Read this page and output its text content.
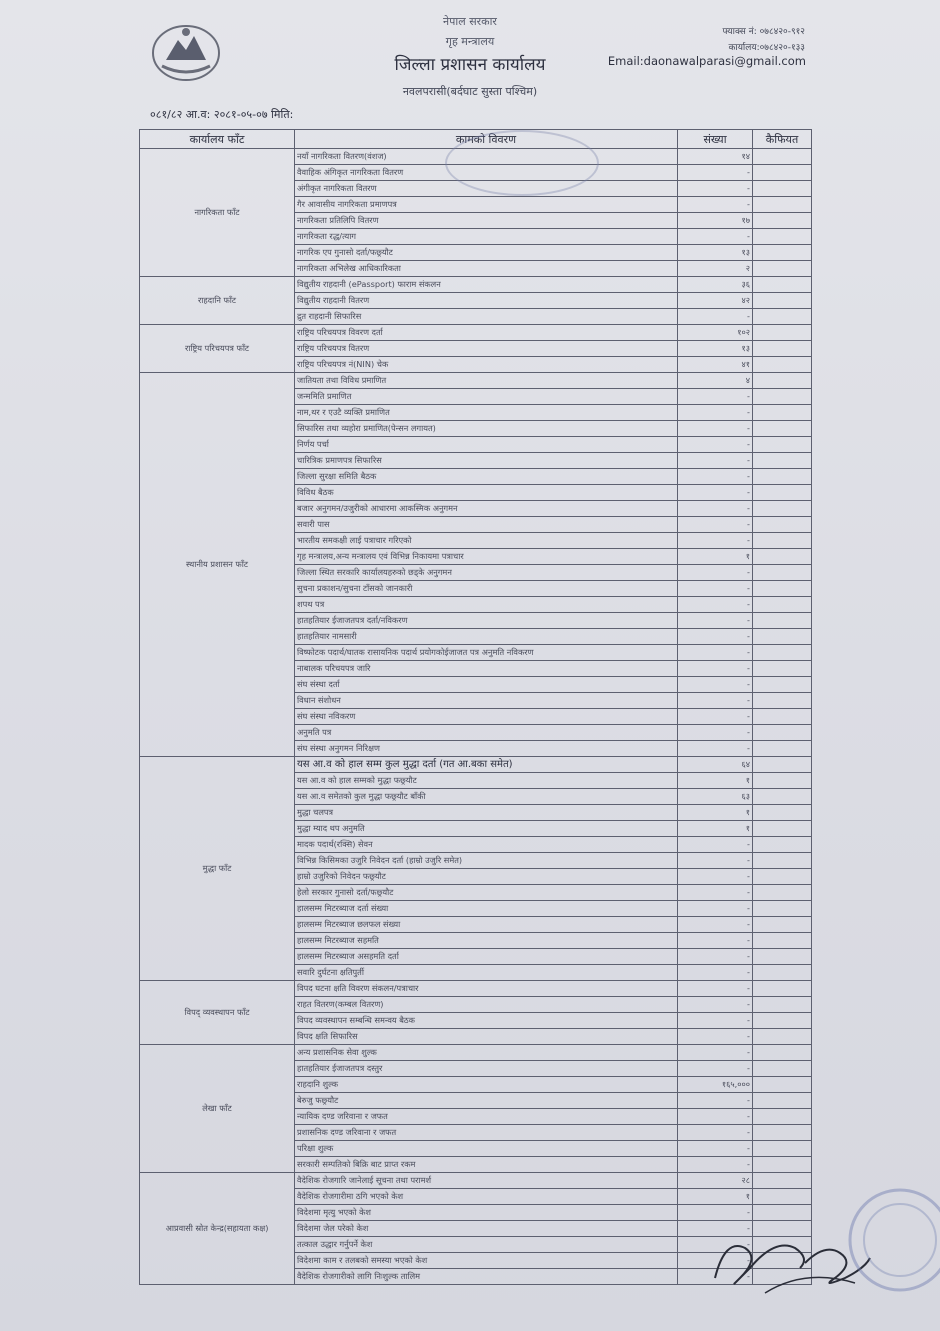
नेपाल सरकार
गृह मन्त्रालय
जिल्ला प्रशासन कार्यालय
नवलपरासी(बर्दघाट सुस्ता पश्चिम)
फ्याक्स नं: ०७८४२०-९१२
कार्यालय:०७८४२०-१३३
Email:daonawalparasi@gmail.com
०८१/८२ आ.व: २०८१-०५-०७ मिति:
कार्यालय फाँट	कामको विवरण	संख्या	कैफियत
नागरिकता फाँट	नयाँ नागरिकता वितरण(वंशज)	१४	
	वैवाहिक अंगिकृत नागरिकता वितरण	-	
	अंगीकृत नागरिकता वितरण	-	
	गैर आवासीय नागरिकता प्रमाणपत्र	-	
	नागरिकता प्रतिलिपि वितरण	१७	
	नागरिकता रद्ध/त्याग	-	
	नागरिक एप गुनासो दर्ता/फछ्र्यौट	१३	
	नागरिकता अभिलेख आधिकारिकता	२	
राहदानि फाँट	विद्युतीय राहदानी (ePassport) फाराम संकलन	३६	
	विद्युतीय राहदानी वितरण	४२	
	द्रुत राहदानी सिफारिस	-	
राष्ट्रिय परिचयपत्र फाँट	राष्ट्रिय परिचयपत्र विवरण दर्ता	१०२	
	राष्ट्रिय परिचयपत्र वितरण	१३	
	राष्ट्रिय परिचयपत्र नं(NIN) चेक	४१	
स्थानीय प्रशासन फाँट	जातियता तथा विविध प्रमाणित	४	
	जन्ममिति प्रमाणित	-	
	नाम,थर र एउटै व्यक्ति प्रमाणित	-	
	सिफारिस तथा व्यहोरा प्रमाणित(पेन्सन लगायत)	-	
	निर्णय पर्चा	-	
	चारित्रिक प्रमाणपत्र सिफारिस	-	
	जिल्ला सुरक्षा समिति बैठक	-	
	विविध बैठक	-	
	बजार अनुगमन/उजुरीको आधारमा आकस्मिक अनुगमन	-	
	सवारी पास	-	
	भारतीय समकक्षी लाई पत्राचार गरिएको	-	
	गृह मन्त्रालय,अन्य मन्त्रालय एवं विभिन्न निकायमा पत्राचार	१	
	जिल्ला स्थित सरकारि कार्यालयहरुको छड्के अनुगमन	-	
	सुचना प्रकाशन/सुचना टाँसको जानकारी	-	
	शपथ पत्र	-	
	हातहतियार ईजाजतपत्र दर्ता/नविकरण	-	
	हातहतियार नामसारी	-	
	विष्फोटक पदार्थ/घातक रासायनिक पदार्थ प्रयोगकोईजाजत पत्र अनुमति नविकरण	-	
	नाबालक परिचयपत्र जारि	-	
	संघ संस्था दर्ता	-	
	विधान संशोधन	-	
	संघ संस्था नविकरण	-	
	अनुमति पत्र	-	
	संघ संस्था अनुगमन निरिक्षण	-	
मुद्धा फाँट	यस आ.व को हाल सम्म कुल मुद्धा दर्ता (गत आ.बका समेत)	६४	
	यस आ.व को हाल सम्मको मुद्धा फछ्र्यौट	१	
	यस आ.व समेतको कुल मुद्धा फछ्र्यौट बाँकी	६३	
	मुद्धा चलपत्र	१	
	मुद्धा म्याद थप अनुमति	१	
	मादक पदार्थ(रक्सि) सेवन	-	
	विभिन्न किसिमका उजुरि निवेदन दर्ता (हाम्रो उजुरि समेत)	-	
	हाम्रो उजुरिको निवेदन फछ्र्यौट	-	
	हेलो सरकार गुनासो दर्ता/फछ्र्यौट	-	
	हालसम्म मिटरब्याज दर्ता संख्या	-	
	हालसम्म मिटरब्याज छलफल संख्या	-	
	हालसम्म मिटरब्याज सहमति	-	
	हालसम्म मिटरब्याज असहमति दर्ता	-	
	सवारि दुर्घटना क्षतिपुर्ती	-	
विपद् व्यवस्थापन फाँट	विपद घटना क्षति विवरण संकलन/पत्राचार	-	
	राहत वितरण(कम्बल वितरण)	-	
	विपद व्यवस्थापन सम्बन्धि समन्वय बैठक	-	
	विपद क्षति सिफारिस	-	
लेखा फाँट	अन्य प्रशासनिक सेवा शुल्क	-	
	हातहतियार ईजाजतपत्र दस्तुर	-	
	राहदानि शुल्क	१६५,०००	
	बेरुजु फछ्र्यौट	-	
	न्यायिक दण्ड जरिवाना र जफत	-	
	प्रशासनिक दण्ड जरिवाना र जफत	-	
	परिक्षा शुल्क	-	
	सरकारी सम्पतिको बिक्रि बाट प्राप्त रकम	-	
आप्रवासी स्रोत केन्द्र(सहायता कक्ष)	वैदेशिक रोजगारि जानेलाई सूचना तथा परामर्श	२८	
	वैदेशिक रोजगारीमा ठगि भएको केश	१	
	विदेशमा मृत्यु भएको केश	-	
	विदेशमा जेल परेको केश	-	
	तत्काल उद्धार गर्नुपर्ने केश	-	
	विदेशमा काम र तलबको समस्या भएको केश	-	
	वैदेशिक रोजगारीको लागि निःशुल्क तालिम	-	
